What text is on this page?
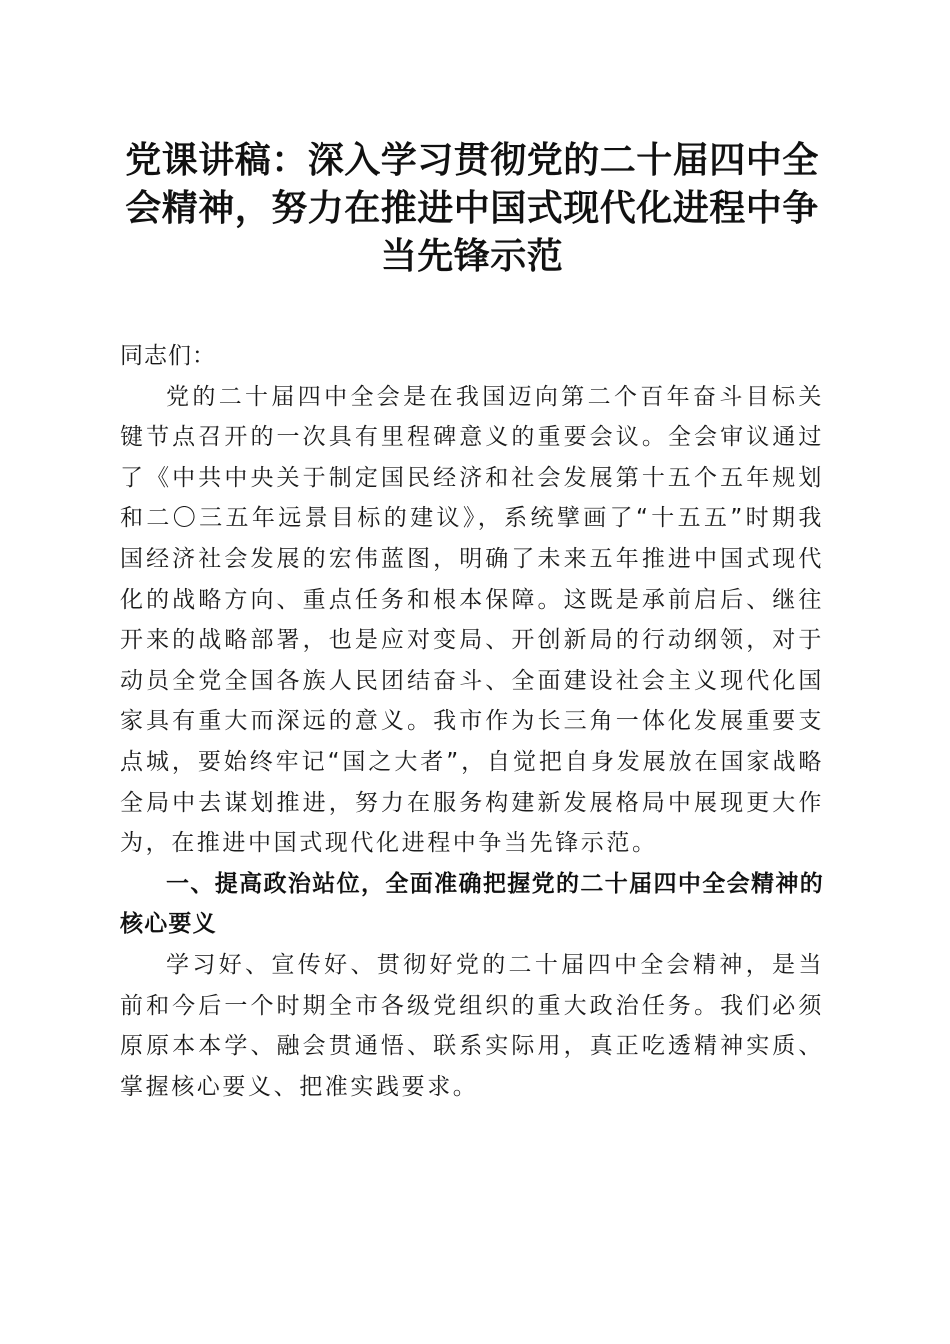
党课讲稿：深入学习贯彻党的二十届四中全会精神，努力在推进中国式现代化进程中争当先锋示范

同志们：

党的二十届四中全会是在我国迈向第二个百年奋斗目标关键节点召开的一次具有里程碑意义的重要会议。全会审议通过了《中共中央关于制定国民经济和社会发展第十五个五年规划和二〇三五年远景目标的建议》，系统擘画了“十五五”时期我国经济社会发展的宏伟蓝图，明确了未来五年推进中国式现代化的战略方向、重点任务和根本保障。这既是承前启后、继往开来的战略部署，也是应对变局、开创新局的行动纲领，对于动员全党全国各族人民团结奋斗、全面建设社会主义现代化国家具有重大而深远的意义。我市作为长三角一体化发展重要支点城，要始终牢记“国之大者”，自觉把自身发展放在国家战略全局中去谋划推进，努力在服务构建新发展格局中展现更大作为，在推进中国式现代化进程中争当先锋示范。

一、提高政治站位，全面准确把握党的二十届四中全会精神的核心要义

学习好、宣传好、贯彻好党的二十届四中全会精神，是当前和今后一个时期全市各级党组织的重大政治任务。我们必须原原本本学、融会贯通悟、联系实际用，真正吃透精神实质、掌握核心要义、把准实践要求。
